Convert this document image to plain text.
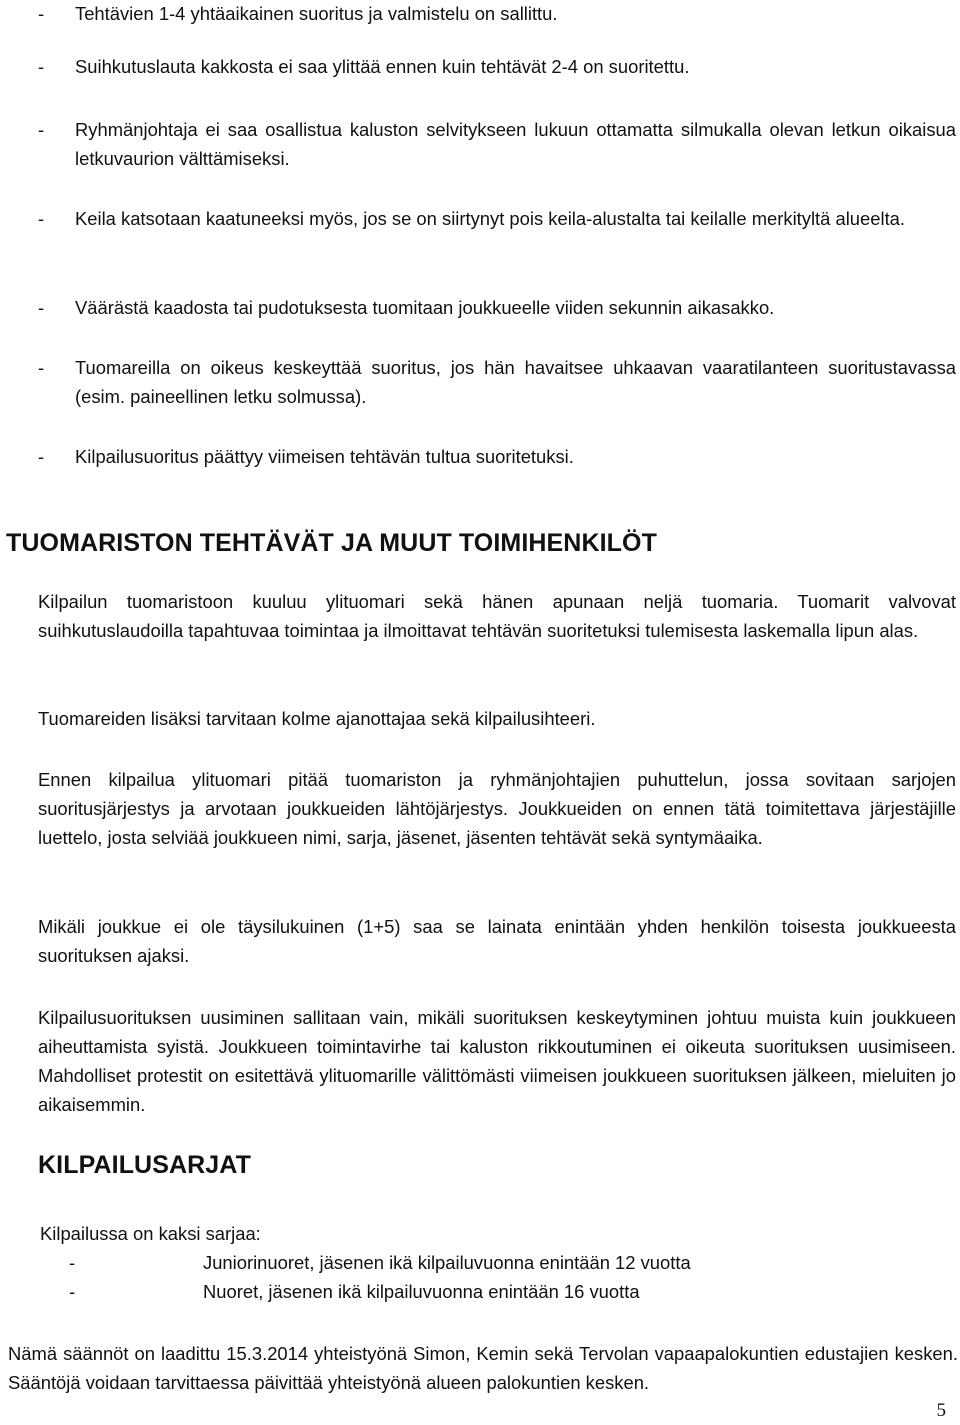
- Tehtävien 1-4 yhtäaikainen suoritus ja valmistelu on sallittu.
- Suihkutuslauta kakkosta ei saa ylittää ennen kuin tehtävät 2-4 on suoritettu.
- Ryhmänjohtaja ei saa osallistua kaluston selvitykseen lukuun ottamatta silmukalla olevan letkun oikaisua letkuvaurion välttämiseksi.
- Keila katsotaan kaatuneeksi myös, jos se on siirtynyt pois keila-alustalta tai keilalle merkityltä alueelta.
- Väärästä kaadosta tai pudotuksesta tuomitaan joukkueelle viiden sekunnin aikasakko.
- Tuomareilla on oikeus keskeyttää suoritus, jos hän havaitsee uhkaavan vaaratilanteen suoritustavassa (esim. paineellinen letku solmussa).
- Kilpailusuoritus päättyy viimeisen tehtävän tultua suoritetuksi.
TUOMARISTON TEHTÄVÄT JA MUUT TOIMIHENKILÖT
Kilpailun tuomaristoon kuuluu ylituomari sekä hänen apunaan neljä tuomaria. Tuomarit valvovat suihkutuslaudoilla tapahtuvaa toimintaa ja ilmoittavat tehtävän suoritetuksi tulemisesta laskemalla lipun alas.
Tuomareiden lisäksi tarvitaan kolme ajanottajaa sekä kilpailusihteeri.
Ennen kilpailua ylituomari pitää tuomariston ja ryhmänjohtajien puhuttelun, jossa sovitaan sarjojen suoritusjärjestys ja arvotaan joukkueiden lähtöjärjestys. Joukkueiden on ennen tätä toimitettava järjestäjille luettelo, josta selviää joukkueen nimi, sarja, jäsenet, jäsenten tehtävät sekä syntymäaika.
Mikäli joukkue ei ole täysilukuinen (1+5) saa se lainata enintään yhden henkilön toisesta joukkueesta suorituksen ajaksi.
Kilpailusuorituksen uusiminen sallitaan vain, mikäli suorituksen keskeytyminen johtuu muista kuin joukkueen aiheuttamista syistä. Joukkueen toimintavirhe tai kaluston rikkoutuminen ei oikeuta suorituksen uusimiseen. Mahdolliset protestit on esitettävä ylituomarille välittömästi viimeisen joukkueen suorituksen jälkeen, mieluiten jo aikaisemmin.
KILPAILUSARJAT
Kilpailussa on kaksi sarjaa:
-	Juniorinuoret, jäsenen ikä kilpailuvuonna enintään 12 vuotta
-	Nuoret, jäsenen ikä kilpailuvuonna enintään 16 vuotta
Nämä säännöt on laadittu 15.3.2014 yhteistyönä Simon, Kemin sekä Tervolan vapaapalokuntien edustajien kesken. Sääntöjä voidaan tarvittaessa päivittää yhteistyönä alueen palokuntien kesken.
5
